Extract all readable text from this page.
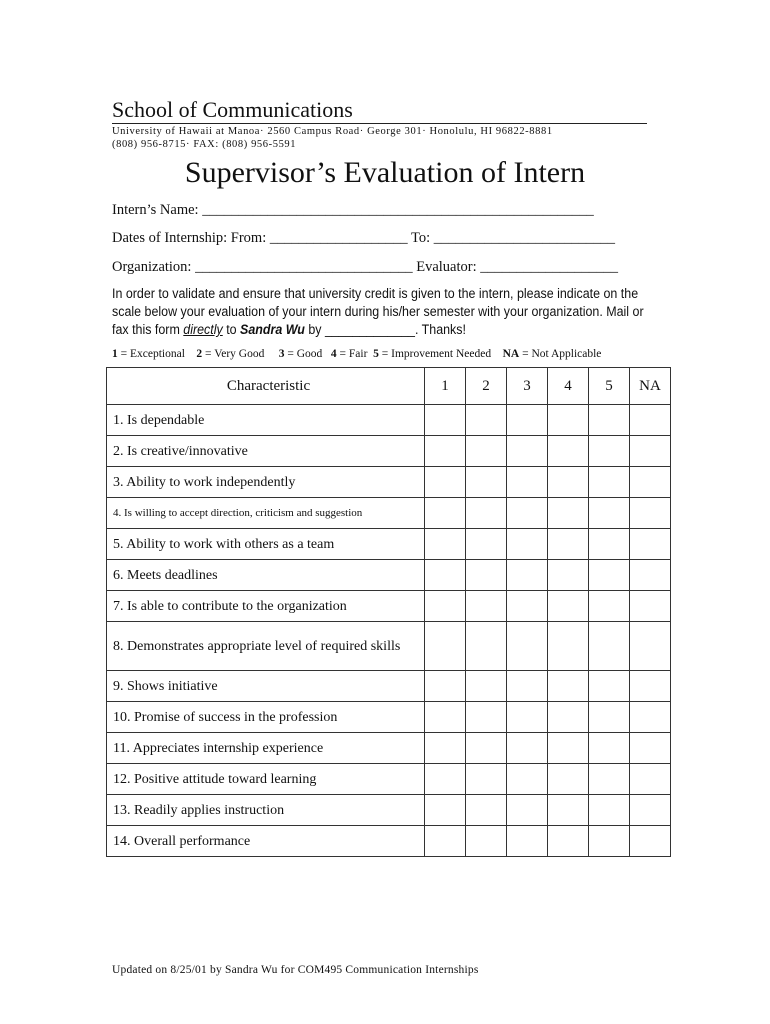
School of Communications
University of Hawaii at Manoa· 2560 Campus Road· George 301· Honolulu, HI 96822-8881
(808) 956-8715· FAX: (808) 956-5591
Supervisor’s Evaluation of Intern
Intern’s Name: ______________________________________________________
Dates of Internship: From: ___________________ To: _________________________
Organization: ______________________________ Evaluator: ___________________
In order to validate and ensure that university credit is given to the intern, please indicate on the scale below your evaluation of your intern during his/her semester with your organization. Mail or fax this form directly to Sandra Wu by _____________. Thanks!
1 = Exceptional    2 = Very Good     3 = Good   4 = Fair  5 = Improvement Needed    NA = Not Applicable
Characteristic	1	2	3	4	5	NA
1. Is dependable						
2. Is creative/innovative						
3. Ability to work independently						
4. Is willing to accept direction, criticism and suggestion						
5. Ability to work with others as a team						
6. Meets deadlines						
7. Is able to contribute to the organization						
8. Demonstrates appropriate level of required skills						
9. Shows initiative						
10. Promise of success in the profession						
11. Appreciates internship experience						
12. Positive attitude toward learning						
13. Readily applies instruction						
14. Overall performance						
Updated on 8/25/01 by Sandra Wu for COM495 Communication Internships
